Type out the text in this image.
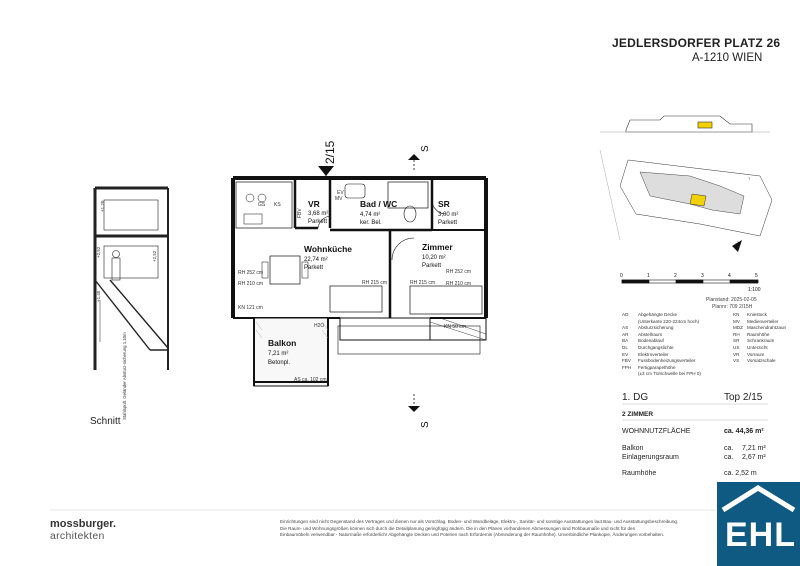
JEDLERSDORFER PLATZ 26
A-1210 WIEN
+1,20
+2,52	+2,52
+1,45
Stahlspült. Geländer Absturz-sicherung 1,10m
2/15	S
S
GS KS
EV
MV
H2O
RH 252 cm
RH 210 cm
RH 252 cm
RH 210 cm
RH 215 cm	RH 215 cm
KN 121 cm
KN 50 cm
AS ca. 102 cm
FBV
VR
3,68 m²
Parkett
Bad / WC
4,74 m²
ker. Bel.
SR
3,00 m²
Parkett
Wohnküche
22,74 m²
Parkett
Zimmer
10,20 m²
Parkett
Balkon
7,21 m²
Betonpl.
T
N
0	1	2	3	4	5
1:100
Planstand: 2025-02-05
Plannr: 709 2/15H
AD Abgehängte Decke	KN Kniestock
(Unterkante 220-224cm hoch)	MV Medienverteiler
AS Absturzsicherung	MDZ Maschendrahtzaun
AR Abstellraum	RH Raumhöhe
BA Bodenablauf	SR Schrankraum
DL Durchgangslichte	US Unterzicht
EV Elektroverteiler	VR Vorraum
FBV Fussbodenheizungsverteiler	VS Vorsatzschale
FPH Fertigparapethöhe
(±3 cm Türschwelle bei FPH 0)
1. DG	Top 2/15
2 ZIMMER
WOHNNUTZFLÄCHE	ca. 44,36 m²
Balkon	ca. 7,21 m²
Einlagerungsraum	ca. 2,67 m²
Raumhöhe	ca. 2,52 m
Schnitt
mossburger.
architekten
Einrichtungen sind nicht Gegenstand des Vertrages und dienen nur als Vorschlag. Boden- und Wandbeläge, Elektro-, Sanitär- und sonstige Ausstattungen laut Bau- und Ausstattungsbeschreibung.
Die Raum- und Wohnungsgrößen können sich durch die Detailplanung geringfügig ändern. Die in den Plänen vorhandenen Abmessungen sind Rohbaumaße und nicht für den
Einbaumöbeln verwendbar - Naturmaße erforderlich! Abgehängte Decken und Poterien nach Erfordernis (Abminderung der Raumhöhe). Unverbindliche Plankopie, Änderungen vorbehalten.	EHL
